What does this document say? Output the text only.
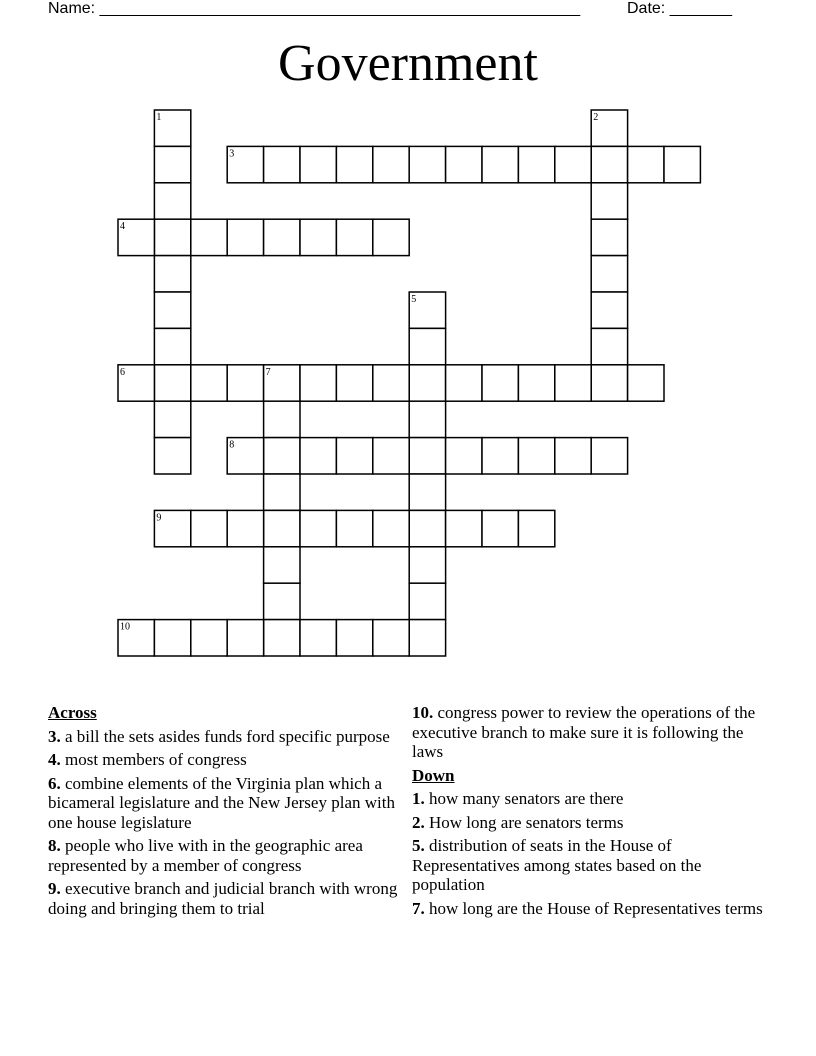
Name: ______________________________________________________	Date: _______
Government
1	2
3
4
5
6	7
8
9
10
Across
3. a bill the sets asides funds ford specific purpose
4. most members of congress
6. combine elements of the Virginia plan which a bicameral legislature and the New Jersey plan with one house legislature
8. people who live with in the geographic area represented by a member of congress
9. executive branch and judicial branch with wrong doing and bringing them to trial
10. congress power to review the operations of the executive branch to make sure it is following the laws
Down
1. how many senators are there
2. How long are senators terms
5. distribution of seats in the House of Representatives among states based on the population
7. how long are the House of Representatives terms
